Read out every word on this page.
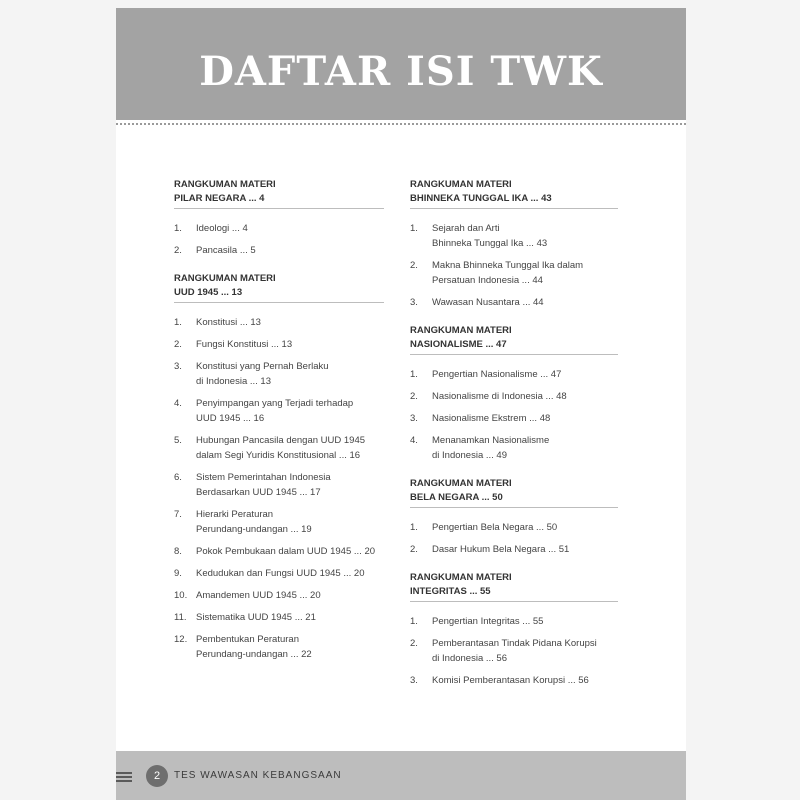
DAFTAR ISI TWK
RANGKUMAN MATERI
PILAR NEGARA ... 4
1.	Ideologi ... 4
2.	Pancasila ... 5
RANGKUMAN MATERI
UUD 1945 ... 13
1.	Konstitusi ... 13
2.	Fungsi Konstitusi ... 13
3.	Konstitusi yang Pernah Berlaku
di Indonesia ... 13
4.	Penyimpangan yang Terjadi terhadap
UUD 1945 ... 16
5.	Hubungan Pancasila dengan UUD 1945
dalam Segi Yuridis Konstitusional ... 16
6.	Sistem Pemerintahan Indonesia
Berdasarkan UUD 1945 ... 17
7.	Hierarki Peraturan
Perundang-undangan ... 19
8.	Pokok Pembukaan dalam UUD 1945 ... 20
9.	Kedudukan dan Fungsi UUD 1945 ... 20
10. Amandemen UUD 1945 ... 20
11. Sistematika UUD 1945 ... 21
12. Pembentukan Peraturan
Perundang-undangan ... 22
RANGKUMAN MATERI
BHINNEKA TUNGGAL IKA ... 43
1.	Sejarah dan Arti
Bhinneka Tunggal Ika ... 43
2.	Makna Bhinneka Tunggal Ika dalam
Persatuan Indonesia ... 44
3.	Wawasan Nusantara ... 44
RANGKUMAN MATERI
NASIONALISME ... 47
1.	Pengertian Nasionalisme ... 47
2.	Nasionalisme di Indonesia ... 48
3.	Nasionalisme Ekstrem ... 48
4.	Menanamkan Nasionalisme
di Indonesia ... 49
RANGKUMAN MATERI
BELA NEGARA ... 50
1.	Pengertian Bela Negara ... 50
2.	Dasar Hukum Bela Negara ... 51
RANGKUMAN MATERI
INTEGRITAS ... 55
1.	Pengertian Integritas ... 55
2.	Pemberantasan Tindak Pidana Korupsi
di Indonesia ... 56
3.	Komisi Pemberantasan Korupsi ... 56
2	TES WAWASAN KEBANGSAAN
